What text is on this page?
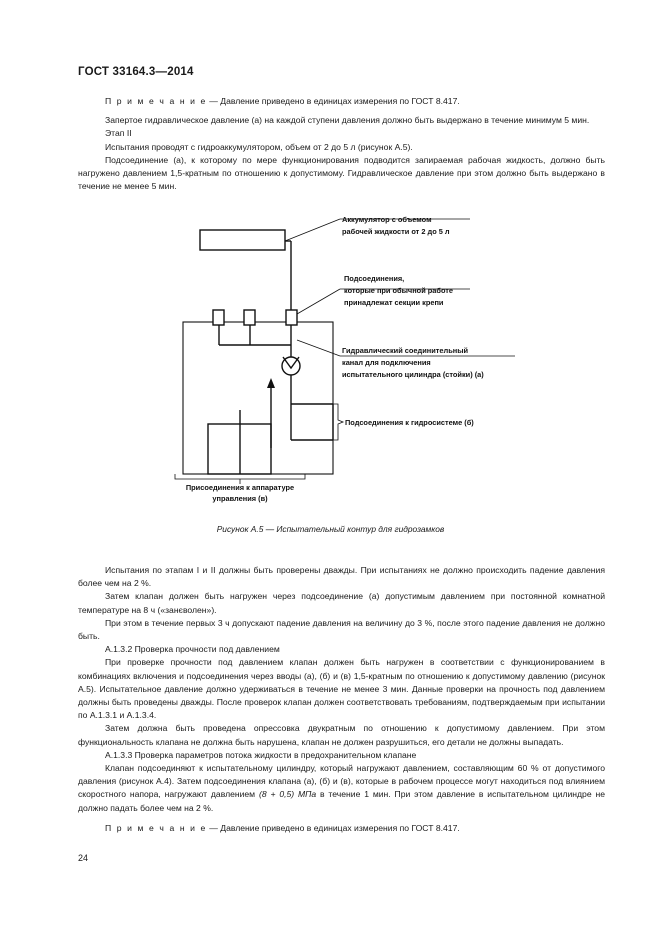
ГОСТ 33164.3—2014

П р и м е ч а н и е — Давление приведено в единицах измерения по ГОСТ 8.417.

Запертое гидравлическое давление (а) на каждой ступени давления должно быть выдержано в течение минимум 5 мин.

Этап II

Испытания проводят с гидроаккумулятором, объем от 2 до 5 л (рисунок А.5).

Подсоединение (а), к которому по мере функционирования подводится запираемая рабочая жидкость, должно быть нагружено давлением 1,5-кратным по отношению к допустимому. Гидравлическое давление при этом должно быть выдержано в течение не менее 5 мин.

Аккумулятор с объемом
рабочей жидкости от 2 до 5 л
Подсоединения,
которые при обычной работе
принадлежат секции крепи
Гидравлический соединительный
канал для подключения
испытательного цилиндра (стойки) (а)
Подсоединения к гидросистеме (б)
Присоединения к аппаратуре
управления (в)
Рисунок А.5 — Испытательный контур для гидрозамков

Испытания по этапам I и II должны быть проверены дважды. При испытаниях не должно происходить падение давления более чем на 2 %.

Затем клапан должен быть нагружен через подсоединение (а) допустимым давлением при постоянной комнатной температуре на 8 ч («занєволен»).

При этом в течение первых 3 ч допускают падение давления на величину до 3 %, после этого падение давления не должно быть.

А.1.3.2 Проверка прочности под давлением

При проверке прочности под давлением клапан должен быть нагружен в соответствии с функционированием в комбинациях включения и подсоединения через вводы (а), (б) и (в) 1,5-кратным по отношению к допустимому давлению (рисунок А.5). Испытательное давление должно удерживаться в течение не менее 3 мин. Данные проверки на прочность под давлением должны быть проведены дважды. После проверок клапан должен соответствовать требованиям, подтверждаемым при испытании по А.1.3.1 и А.1.3.4.

Затем должна быть проведена опрессовка двукратным по отношению к допустимому давлением. При этом функциональность клапана не должна быть нарушена, клапан не должен разрушиться, его детали не должны выпадать.

А.1.3.3 Проверка параметров потока жидкости в предохранительном клапане

Клапан подсоединяют к испытательному цилиндру, который нагружают давлением, составляющим 60 % от допустимого давления (рисунок А.4). Затем подсоединения клапана (а), (б) и (в), которые в рабочем процессе могут находиться под влиянием скоростного напора, нагружают давлением (8 + 0,5) МПа в течение 1 мин. При этом давление в испытательном цилиндре не должно падать более чем на 2 %.

П р и м е ч а н и е — Давление приведено в единицах измерения по ГОСТ 8.417.

24
